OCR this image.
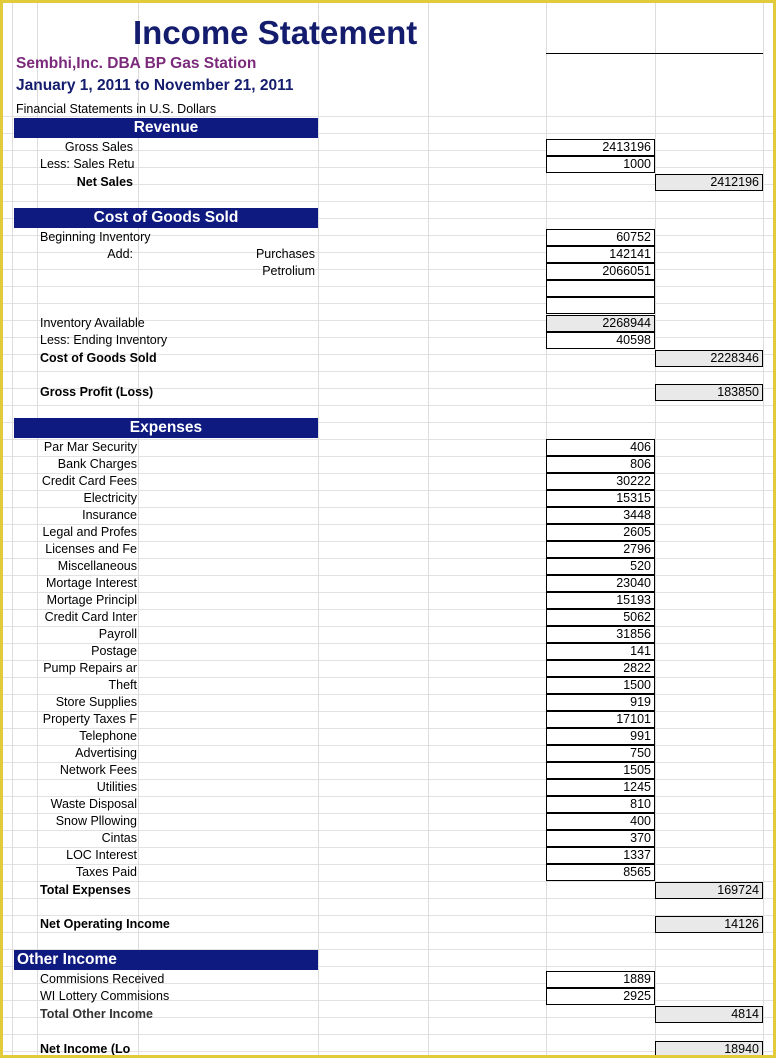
Income Statement
Sembhi,Inc. DBA BP Gas Station
January 1, 2011 to November 21, 2011
Financial Statements in U.S. Dollars
Revenue
Gross Sales	2413196
Less: Sales Retu	1000
Net Sales	2412196
Cost of Goods Sold
Beginning Inventory	60752
Add:	Purchases	142141
Petrolium	2066051
Inventory Available	2268944
Less: Ending Inventory	40598
Cost of Goods Sold	2228346
Gross Profit (Loss)	183850
Expenses
Par Mar Security	406
Bank Charges	806
Credit Card Fees	30222
Electricity	15315
Insurance	3448
Legal and Profes	2605
Licenses and Fe	2796
Miscellaneous	520
Mortage Interest	23040
Mortage Principl	15193
Credit Card Inter	5062
Payroll	31856
Postage	141
Pump Repairs ar	2822
Theft	1500
Store Supplies	919
Property Taxes F	17101
Telephone	991
Advertising	750
Network Fees	1505
Utilities	1245
Waste Disposal	810
Snow Pllowing	400
Cintas	370
LOC Interest	1337
Taxes Paid	8565
Total Expenses	169724
Net Operating Income	14126
Other Income
Commisions Received	1889
WI Lottery Commisions	2925
Total Other Income	4814
Net Income (Lo	18940
